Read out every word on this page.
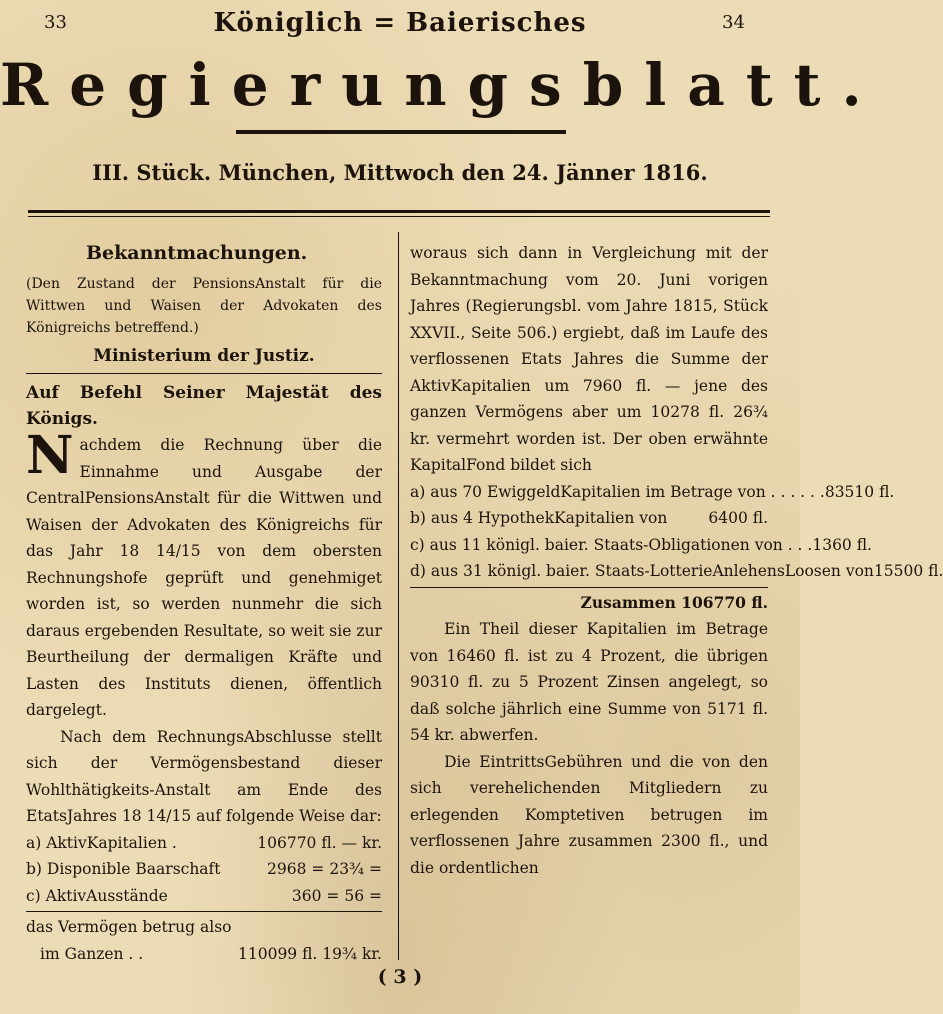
33	34
Königlich = Baierisches
Regierungsblatt.
III. Stück. München, Mittwoch den 24. Jänner 1816.
Bekanntmachungen.
(Den Zustand der PensionsAnstalt für die Wittwen und Waisen der Advokaten des Königreichs betreffend.)
Ministerium der Justiz.
Auf Befehl Seiner Majestät des Königs.

Nachdem die Rechnung über die Einnahme und Ausgabe der CentralPensionsAnstalt für die Wittwen und Waisen der Advokaten des Königreichs für das Jahr 18 14/15 von dem obersten Rechnungshofe geprüft und genehmiget worden ist, so werden nunmehr die sich daraus ergebenden Resultate, so weit sie zur Beurtheilung der dermaligen Kräfte und Lasten des Instituts dienen, öffentlich dargelegt.

Nach dem RechnungsAbschlusse stellt sich der Vermögensbestand dieser Wohlthätigkeits-Anstalt am Ende des EtatsJahres 18 14/15 auf folgende Weise dar:

a) AktivKapitalien .	106770 fl. — kr.
b) Disponible Baarschaft	2968 = 23¾ =
c) AktivAusstände	360 = 56 =
das Vermögen betrug also
im Ganzen . .	110099 fl. 19¾ kr.

woraus sich dann in Vergleichung mit der Bekanntmachung vom 20. Juni vorigen Jahres (Regierungsbl. vom Jahre 1815, Stück XXVII., Seite 506.) ergiebt, daß im Laufe des verflossenen Etats Jahres die Summe der AktivKapitalien um 7960 fl. — jene des ganzen Vermögens aber um 10278 fl. 26¾ kr. vermehrt worden ist. Der oben erwähnte KapitalFond bildet sich

a) aus 70 EwiggeldKapitalien im Betrage von . . . . . . 83510 fl.
b) aus 4 HypothekKapitalien von	6400 fl.
c) aus 11 königl. baier. Staats-Obligationen von . . . 1360 fl.
d) aus 31 königl. baier. Staats-LotterieAnlehensLoosen von 15500 fl.
Zusammen 106770 fl.

Ein Theil dieser Kapitalien im Betrage von 16460 fl. ist zu 4 Prozent, die übrigen 90310 fl. zu 5 Prozent Zinsen angelegt, so daß solche jährlich eine Summe von 5171 fl. 54 kr. abwerfen.

Die EintrittsGebühren und die von den sich verehelichenden Mitgliedern zu erlegenden Komptetiven betrugen im verflossenen Jahre zusammen 2300 fl., und die ordentlichen

( 3 )
